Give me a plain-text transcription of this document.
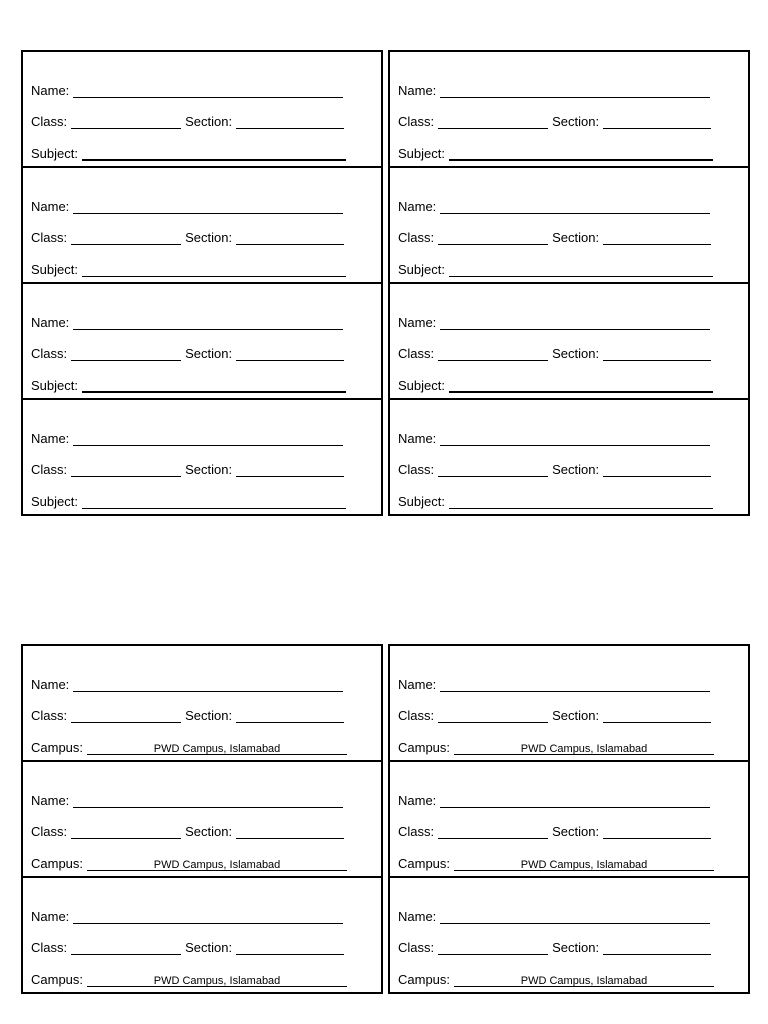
Name:
Class:	Section:
Subject:
Name:
Class:	Section:
Subject:
Name:
Class:	Section:
Subject:
Name:
Class:	Section:
Subject:
Name:
Class:	Section:
Subject:
Name:
Class:	Section:
Subject:
Name:
Class:	Section:
Subject:
Name:
Class:	Section:
Subject:
Name:
Class:	Section:
Campus:	PWD Campus, Islamabad
Name:
Class:	Section:
Campus:	PWD Campus, Islamabad
Name:
Class:	Section:
Campus:	PWD Campus, Islamabad
Name:
Class:	Section:
Campus:	PWD Campus, Islamabad
Name:
Class:	Section:
Campus:	PWD Campus, Islamabad
Name:
Class:	Section:
Campus:	PWD Campus, Islamabad
